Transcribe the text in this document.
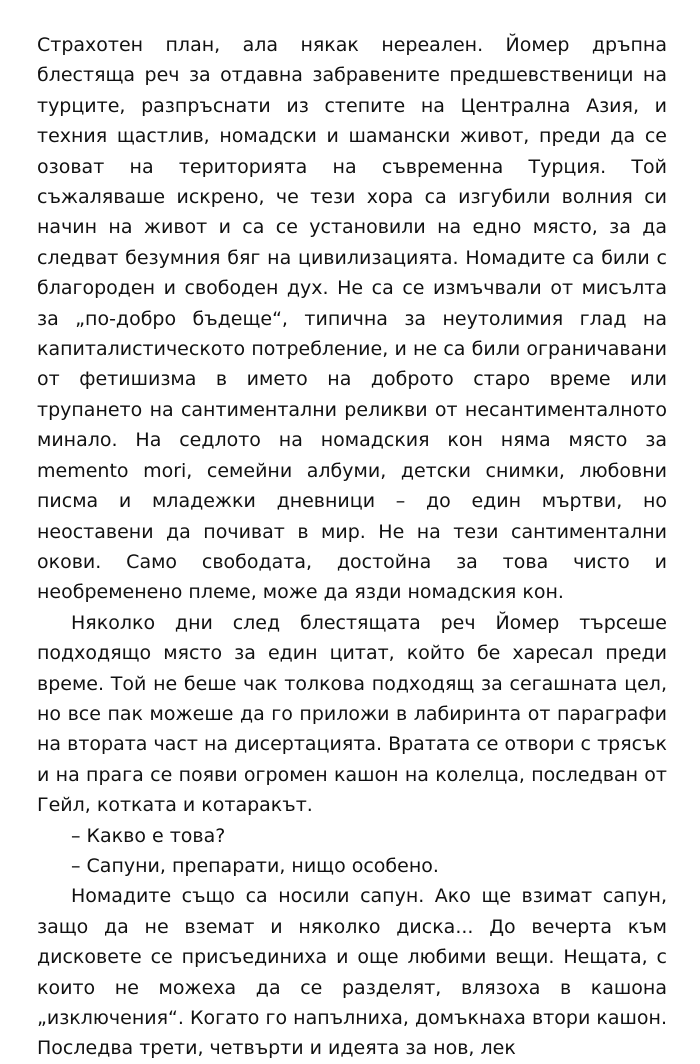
Страхотен план, ала някак нереален. Йомер дръпна блестяща реч за отдавна забравените предшевственици на турците, разпръснати из степите на Централна Азия, и техния щастлив, номадски и шамански живот, преди да се озоват на територията на съвременна Турция. Той съжаляваше искрено, че тези хора са изгубили волния си начин на живот и са се установили на едно място, за да следват безумния бяг на цивилизацията. Номадите са били с благороден и свободен дух. Не са се измъчвали от мисълта за „по-добро бъдеще“, типична за неутолимия глад на капиталистическото потребление, и не са били ограничавани от фетишизма в името на доброто старо време или трупането на сантиментални реликви от несантименталното минало. На седлото на номадския кон няма място за memento mori, семейни албуми, детски снимки, любовни писма и младежки дневници – до един мъртви, но неоставени да почиват в мир. Не на тези сантиментални окови. Само свободата, достойна за това чисто и необременено племе, може да язди номадския кон.

Няколко дни след блестящата реч Йомер търсеше подходящо място за един цитат, който бе харесал преди време. Той не беше чак толкова подходящ за сегашната цел, но все пак можеше да го приложи в лабиринта от параграфи на втората част на дисертацията. Вратата се отвори с трясък и на прага се появи огромен кашон на колелца, последван от Гейл, котката и котаракът.

– Какво е това?

– Сапуни, препарати, нищо особено.

Номадите също са носили сапун. Ако ще взимат сапун, защо да не вземат и няколко диска... До вечерта към дисковете се присъединиха и още любими вещи. Нещата, с които не можеха да се разделят, влязоха в кашона „изключения“. Когато го напълниха, домъкнаха втори кашон. Последва трети, четвърти и идеята за нов, лек
